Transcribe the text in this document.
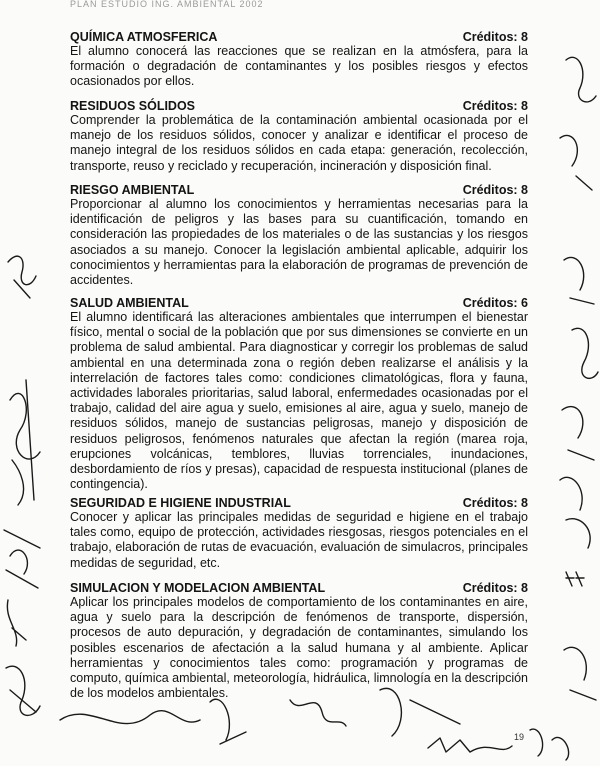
PLAN ESTUDIO ING. AMBIENTAL 2002
QUÍMICA ATMOSFERICA	Créditos: 8

El alumno conocerá las reacciones que se realizan en la atmósfera, para la formación o degradación de contaminantes y los posibles riesgos y efectos ocasionados por ellos.

RESIDUOS SÓLIDOS	Créditos: 8

Comprender la problemática de la contaminación ambiental ocasionada por el manejo de los residuos sólidos, conocer y analizar e identificar el proceso de manejo integral de los residuos sólidos en cada etapa: generación, recolección, transporte, reuso y reciclado y recuperación, incineración y disposición final.

RIESGO AMBIENTAL	Créditos: 8

Proporcionar al alumno los conocimientos y herramientas necesarias para la identificación de peligros y las bases para su cuantificación, tomando en consideración las propiedades de los materiales o de las sustancias y los riesgos asociados a su manejo. Conocer la legislación ambiental aplicable, adquirir los conocimientos y herramientas para la elaboración de programas de prevención de accidentes.

SALUD AMBIENTAL	Créditos: 6

El alumno identificará las alteraciones ambientales que interrumpen el bienestar físico, mental o social de la población que por sus dimensiones se convierte en un problema de salud ambiental. Para diagnosticar y corregir los problemas de salud ambiental en una determinada zona o región deben realizarse el análisis y la interrelación de factores tales como: condiciones climatológicas, flora y fauna, actividades laborales prioritarias, salud laboral, enfermedades ocasionadas por el trabajo, calidad del aire agua y suelo, emisiones al aire, agua y suelo, manejo de residuos sólidos, manejo de sustancias peligrosas, manejo y disposición de residuos peligrosos, fenómenos naturales que afectan la región (marea roja, erupciones volcánicas, temblores, lluvias torrenciales, inundaciones, desbordamiento de ríos y presas), capacidad de respuesta institucional (planes de contingencia).

SEGURIDAD E HIGIENE INDUSTRIAL	Créditos: 8

Conocer y aplicar las principales medidas de seguridad e higiene en el trabajo tales como, equipo de protección, actividades riesgosas, riesgos potenciales en el trabajo, elaboración de rutas de evacuación, evaluación de simulacros, principales medidas de seguridad, etc.

SIMULACION Y MODELACION AMBIENTAL	Créditos: 8

Aplicar los principales modelos de comportamiento de los contaminantes en aire, agua y suelo para la descripción de fenómenos de transporte, dispersión, procesos de auto depuración, y degradación de contaminantes, simulando los posibles escenarios de afectación a la salud humana y al ambiente. Aplicar herramientas y conocimientos tales como: programación y programas de computo, química ambiental, meteorología, hidráulica, limnología en la descripción de los modelos ambientales.

19
